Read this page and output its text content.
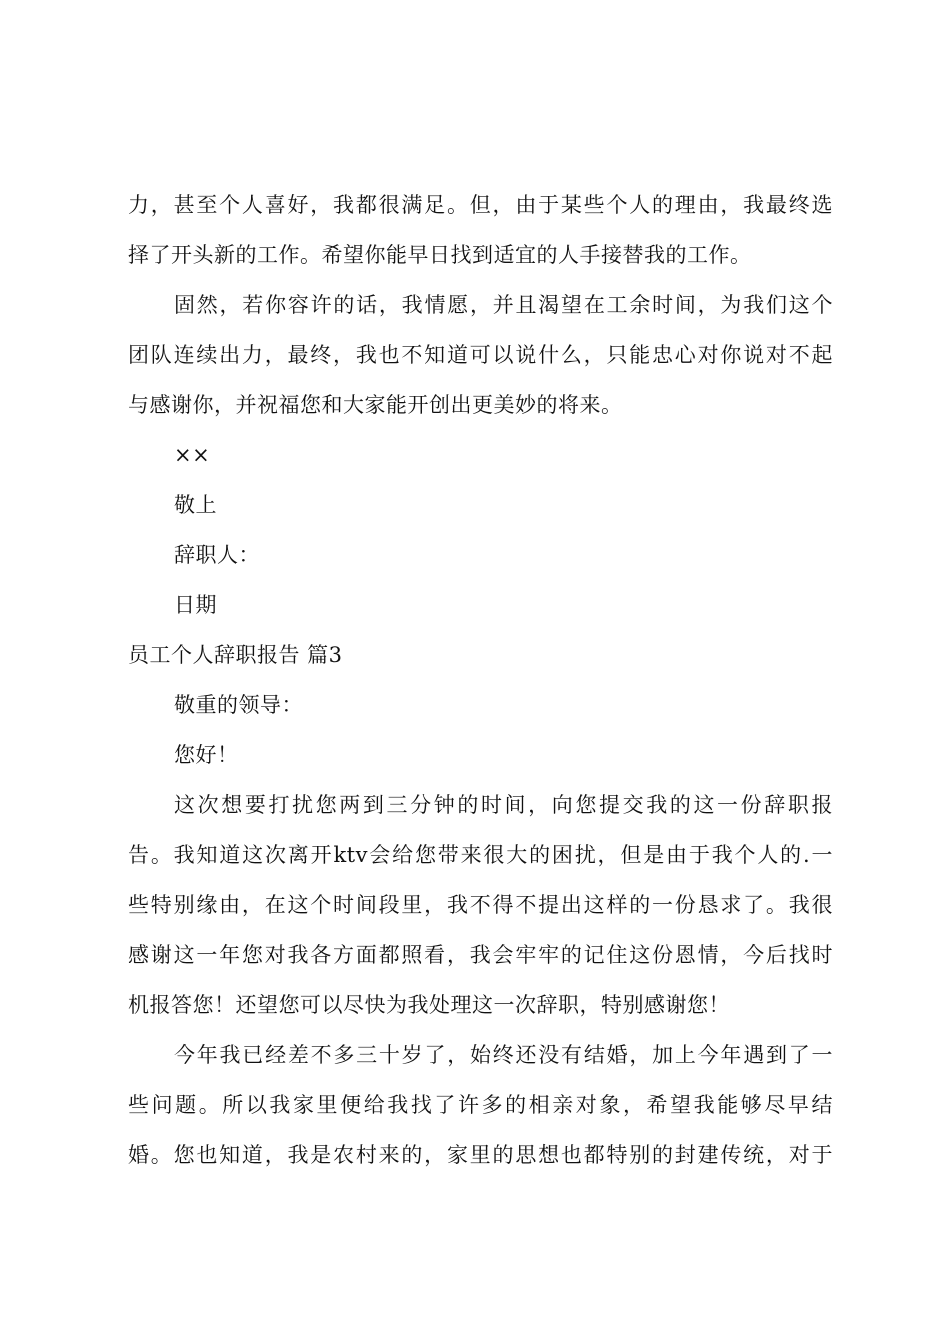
力，甚至个人喜好，我都很满足。但，由于某些个人的理由，我最终选
择了开头新的工作。希望你能早日找到适宜的人手接替我的工作。
固然，若你容许的话，我情愿，并且渴望在工余时间，为我们这个
团队连续出力，最终，我也不知道可以说什么，只能忠心对你说对不起
与感谢你，并祝福您和大家能开创出更美妙的将来。
××
敬上
辞职人：
日期
员工个人辞职报告 篇3
敬重的领导：
您好！
这次想要打扰您两到三分钟的时间，向您提交我的这一份辞职报
告。我知道这次离开ktv会给您带来很大的困扰，但是由于我个人的.一
些特别缘由，在这个时间段里，我不得不提出这样的一份恳求了。我很
感谢这一年您对我各方面都照看，我会牢牢的记住这份恩情，今后找时
机报答您！还望您可以尽快为我处理这一次辞职，特别感谢您！
今年我已经差不多三十岁了，始终还没有结婚，加上今年遇到了一
些问题。所以我家里便给我找了许多的相亲对象，希望我能够尽早结
婚。您也知道，我是农村来的，家里的思想也都特别的封建传统，对于
